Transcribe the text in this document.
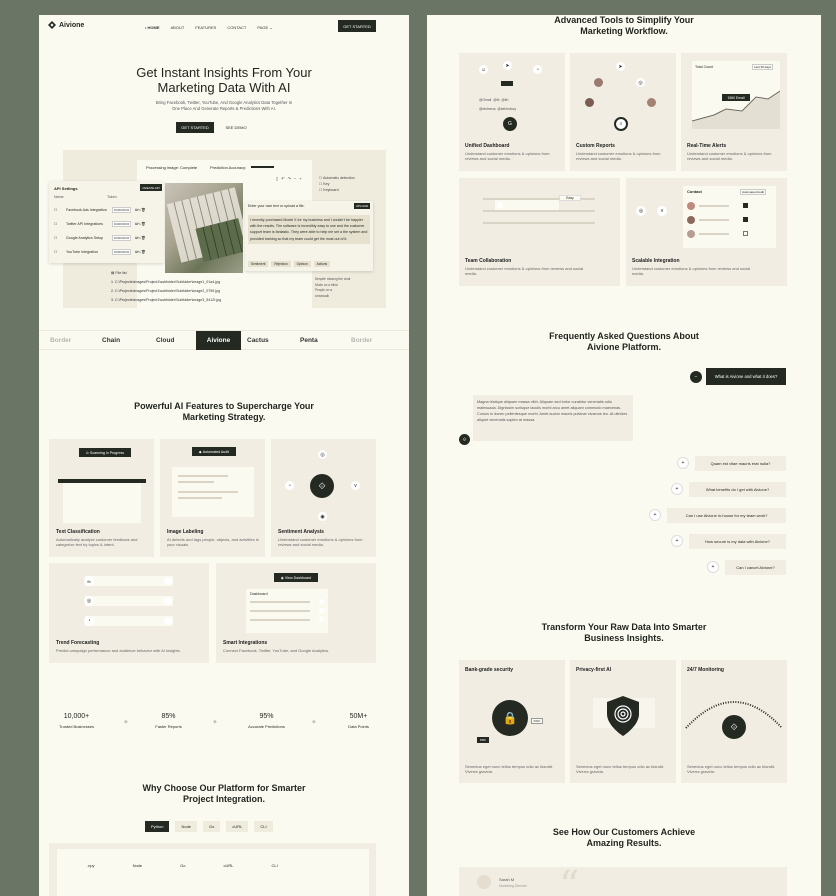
Aivione	• HOME	ABOUT	FEATURES	CONTACT	PAGE ⌄	GET STARTED
Get Instant Insights From Your
Marketing Data With AI
Bring Facebook, Twitter, YouTube, And Google Analytics Data Together In
One Place And Generate Reports & Predictions With AI.
GET STARTED	SEE DEMO
Processing image: Complete	Prediction Accuracy:
▯ ↶ ↷ − +	☐ Automatic detection
☐ Key
☐ Keyboard
API Settings	CREATE API
Name	Token
☐	Facebook Ads Integration	••••••••••••	⧉✎🗑
☐	Twitter API Integrations	••••••••••••	⧉✎🗑
☐	Google Analytics Setup	••••••••••••	⧉✎🗑
☐	YouTube Integration	••••••••••••	⧉✎🗑
Enter your own text or upload a file:	UPLOAD
I recently purchased Model X for my business and I couldn't be happier with the results. The software is incredibly easy to use and the customer support team is fantastic. They were able to help me set a the system and provided training so that my team could get the most out of it.
Sentiment	Rejection	Opinion	Actions
Despite missing the chair
Mode on a blind
People on a
crosswalk
▤ File list
1. C:\Projects\images\Project1\subfolder\Subfolder\image1_01a4.jpg
2. C:\Projects\images\Project1\subfolder\Subfolder\image2_0759.jpg
3. C:\Projects\images\Project1\subfolder\Subfolder\image3_5412f.jpg
Border	Chain	Cloud	Aivione	Cactus	Penta	Border
Powerful AI Features to Supercharge Your
Marketing Strategy.
⊙
Scanning in Progress
Text Classification
Automatically analyze customer feedback and categorize text by topics & intent.
◆
Automated Audit
Image Labeling
AI detects and tags people, objects, and activities in your visuals.
⟐
◎
◔	v
◉
Sentiment Analysis
Understand customer emotions & opinions from reviews and social media.
fb
◎
◔
Trend Forecasting
Predict campaign performance and audience behavior with AI insights.
◉
View Dashboard
Dashboard
Smart Integrations
Connect Facebook, Twitter, YouTube, and Google Analytics.
10,000+
Trusted Businesses
◆
85%
Faster Reports
◆
95%
Accurate Predictions
◆
50M+
Data Points
Why Choose Our Platform for Smarter
Project Integration.
Python	Node	Go	cURL	CLI
.npy	Node	Go	cURL	CLI
Advanced Tools to Simplify Your
Marketing Workflow.
☺
➤
◔
@Gmail @fb @ifn
@elshrena @behindsvy
G
Unified Dashboard
Understand customer emotions & opinions from reviews and social media.
➤
◎
⌕
Custom Reports
Understand customer emotions & opinions from reviews and social media.
Total Count	Last 30 days
1560 Email
Real-Time Alerts
Understand customer emotions & opinions from reviews and social media.
Easy
Team Collaboration
Understand customer emotions & opinions from reviews and social media.
◎	v
Contact	Automated Audit
Scalable Integration
Understand customer emotions & opinions from reviews and social media.
Frequently Asked Questions About
Aivione Platform.
−	What is Aivione and what it does?
Magna tristique aliquam massa nibh. Aliquam sed tortor curabitur venenatis odio malesuada. Dignissim scrisque iaculis morbi arcu amet aliquam commodo maecenas. Cursus in donec pellentesque morbi. Amet auctor mauris pulvinar vivamus leo. At ultricies aliquet venenatis sapien at massa.
⟐
+	Quam est vitae mauris erat nulla?
+	What benefits do I get with Aivione?
+	Can I use Aivione in-house for my team work?
+	How secure is my data with Aivione?
+	Can I cancel Aivione?
Transform Your Raw Data Into Smarter
Business Insights.
Bank-grade security
🔒
PDF
DOC
Senectus eget nunc tellus tempus odio ac blandit. Viverra gravida.
Privacy-first AI
Senectus eget nunc tellus tempus odio ac blandit. Viverra gravida.
24/7 Monitoring
⟐
Senectus eget nunc tellus tempus odio ac blandit. Viverra gravida.
See How Our Customers Achieve
Amazing Results.
Sarah M
Marketing Director “
